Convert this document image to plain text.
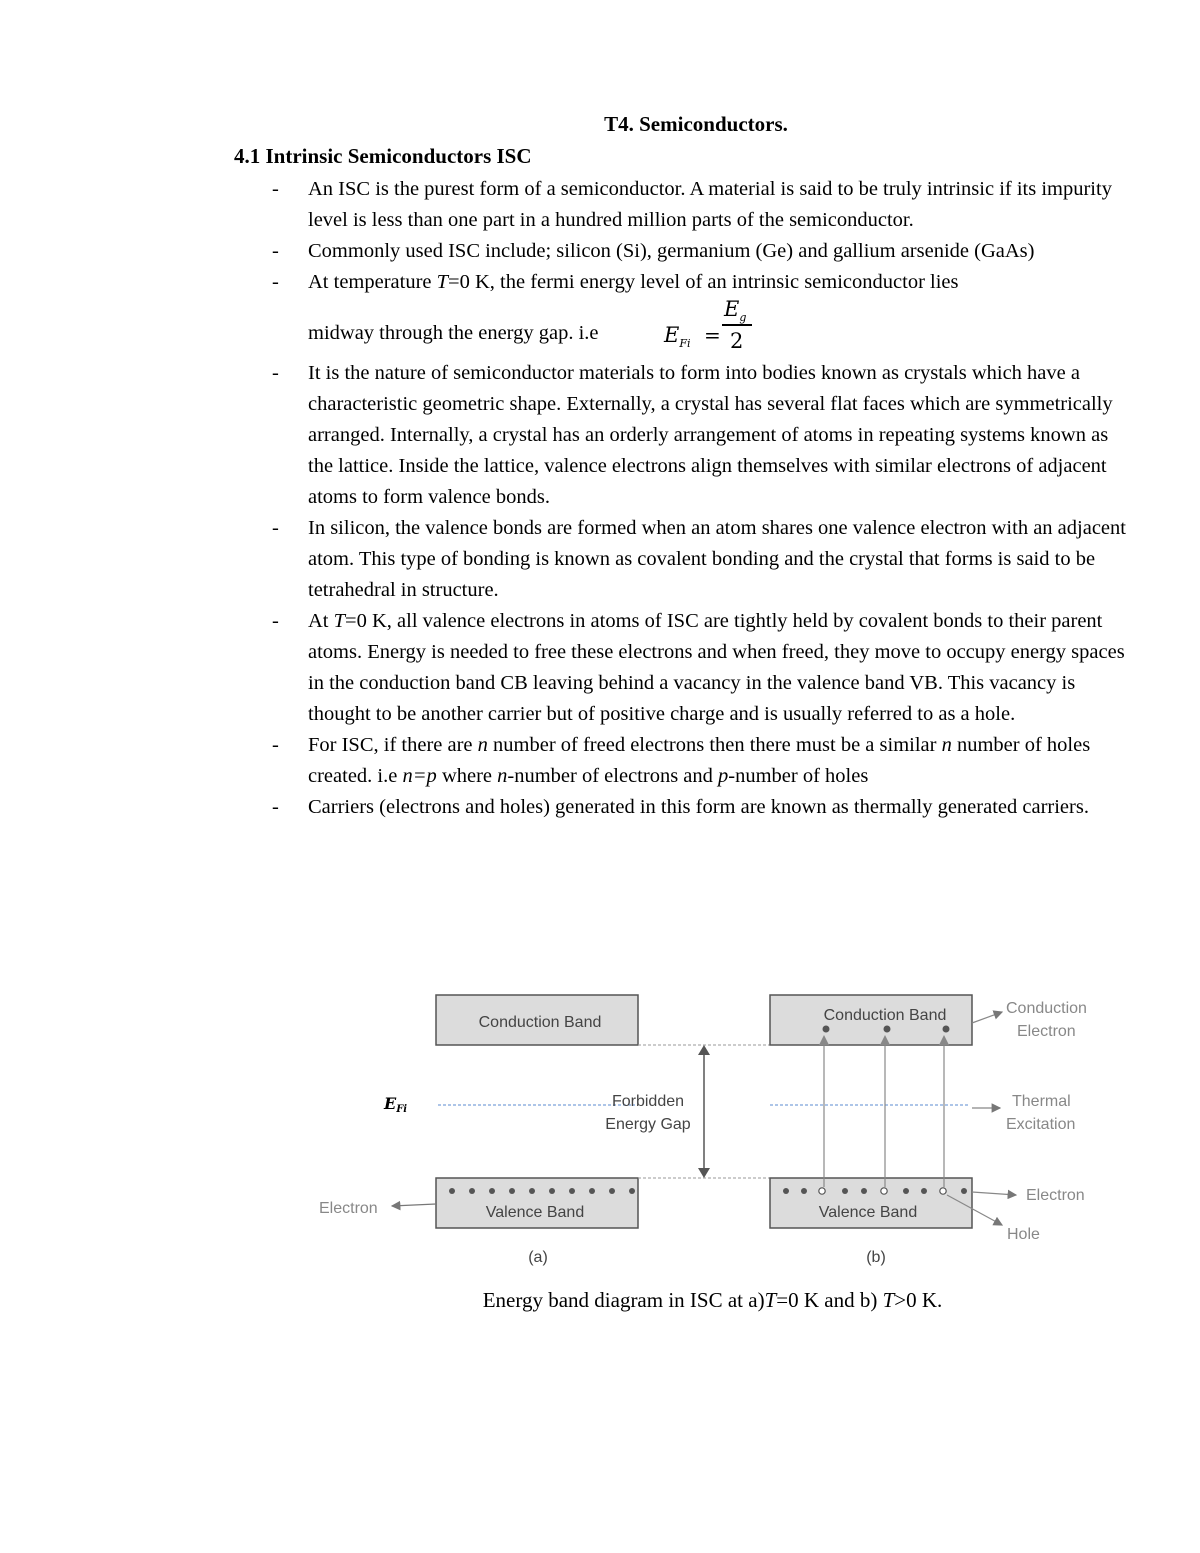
T4. Semiconductors.
4.1 Intrinsic Semiconductors ISC
- An ISC is the purest form of a semiconductor. A material is said to be truly intrinsic if its impurity level is less than one part in a hundred million parts of the semiconductor.
- Commonly used ISC include; silicon (Si), germanium (Ge) and gallium arsenide (GaAs)
- At temperature T=0 K, the fermi energy level of an intrinsic semiconductor lies
midway through the energy gap. i.e	$E_{Fi}$ =
$E_g$
2
- It is the nature of semiconductor materials to form into bodies known as crystals which have a characteristic geometric shape. Externally, a crystal has several flat faces which are symmetrically arranged. Internally, a crystal has an orderly arrangement of atoms in repeating systems known as the lattice. Inside the lattice, valence electrons align themselves with similar electrons of adjacent atoms to form valence bonds.
- In silicon, the valence bonds are formed when an atom shares one valence electron with an adjacent atom. This type of bonding is known as covalent bonding and the crystal that forms is said to be tetrahedral in structure.
- At T=0 K, all valence electrons in atoms of ISC are tightly held by covalent bonds to their parent atoms. Energy is needed to free these electrons and when freed, they move to occupy energy spaces in the conduction band CB leaving behind a vacancy in the valence band VB. This vacancy is thought to be another carrier but of positive charge and is usually referred to as a hole.
- For ISC, if there are n number of freed electrons then there must be a similar n number of holes created. i.e n=p where n-number of electrons and p-number of holes
- Carriers (electrons and holes) generated in this form are known as thermally generated carriers.
Conduction Band
Valence Band
Forbidden
Energy Gap
EFi
Electron
(a)
Conduction Band
Valence Band
Conduction
Electron
Thermal
Excitation
Electron
Hole
(b)
Energy band diagram in ISC at a)T=0 K and b) T>0 K.
